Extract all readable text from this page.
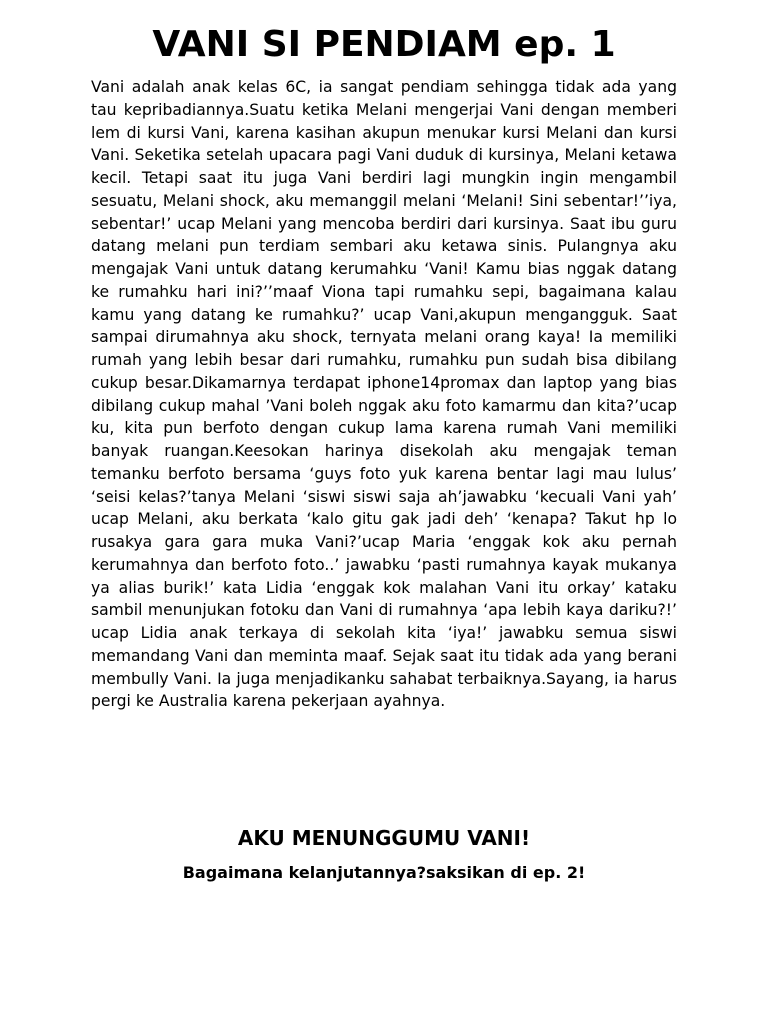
VANI SI PENDIAM ep. 1

Vani adalah anak kelas 6C, ia sangat pendiam sehingga tidak ada yang tau kepribadiannya.Suatu ketika Melani mengerjai Vani dengan memberi lem di kursi Vani, karena kasihan akupun menukar kursi Melani dan kursi Vani. Seketika setelah upacara pagi Vani duduk di kursinya, Melani ketawa kecil. Tetapi saat itu juga Vani berdiri lagi mungkin ingin mengambil sesuatu, Melani shock, aku memanggil melani ‘Melani! Sini sebentar!’’iya, sebentar!’ ucap Melani yang mencoba berdiri dari kursinya. Saat ibu guru datang melani pun terdiam sembari aku ketawa sinis. Pulangnya aku mengajak Vani untuk datang kerumahku ‘Vani! Kamu bias nggak datang ke rumahku hari ini?’’maaf Viona tapi rumahku sepi, bagaimana kalau kamu yang datang ke rumahku?’ ucap Vani,akupun mengangguk. Saat sampai dirumahnya aku shock, ternyata melani orang kaya! Ia memiliki rumah yang lebih besar dari rumahku, rumahku pun sudah bisa dibilang cukup besar.Dikamarnya terdapat iphone14promax dan laptop yang bias dibilang cukup mahal ’Vani boleh nggak aku foto kamarmu dan kita?’ucap ku, kita pun berfoto dengan cukup lama karena rumah Vani memiliki banyak ruangan.Keesokan harinya disekolah aku mengajak teman temanku berfoto bersama ‘guys foto yuk karena bentar lagi mau lulus’ ‘seisi kelas?’tanya Melani ‘siswi siswi saja ah’jawabku ‘kecuali Vani yah’ ucap Melani, aku berkata ‘kalo gitu gak jadi deh’ ‘kenapa? Takut hp lo rusakya gara gara muka Vani?’ucap Maria ‘enggak kok aku pernah kerumahnya dan berfoto foto..’ jawabku ‘pasti rumahnya kayak mukanya ya alias burik!’ kata Lidia ‘enggak kok malahan Vani itu orkay’ kataku sambil menunjukan fotoku dan Vani di rumahnya ‘apa lebih kaya dariku?!’ ucap Lidia anak terkaya di sekolah kita ‘iya!’ jawabku semua siswi memandang Vani dan meminta maaf. Sejak saat itu tidak ada yang berani membully Vani. Ia juga menjadikanku sahabat terbaiknya.Sayang, ia harus pergi ke Australia karena pekerjaan ayahnya.

AKU MENUNGGUMU VANI!

Bagaimana kelanjutannya?saksikan di ep. 2!
